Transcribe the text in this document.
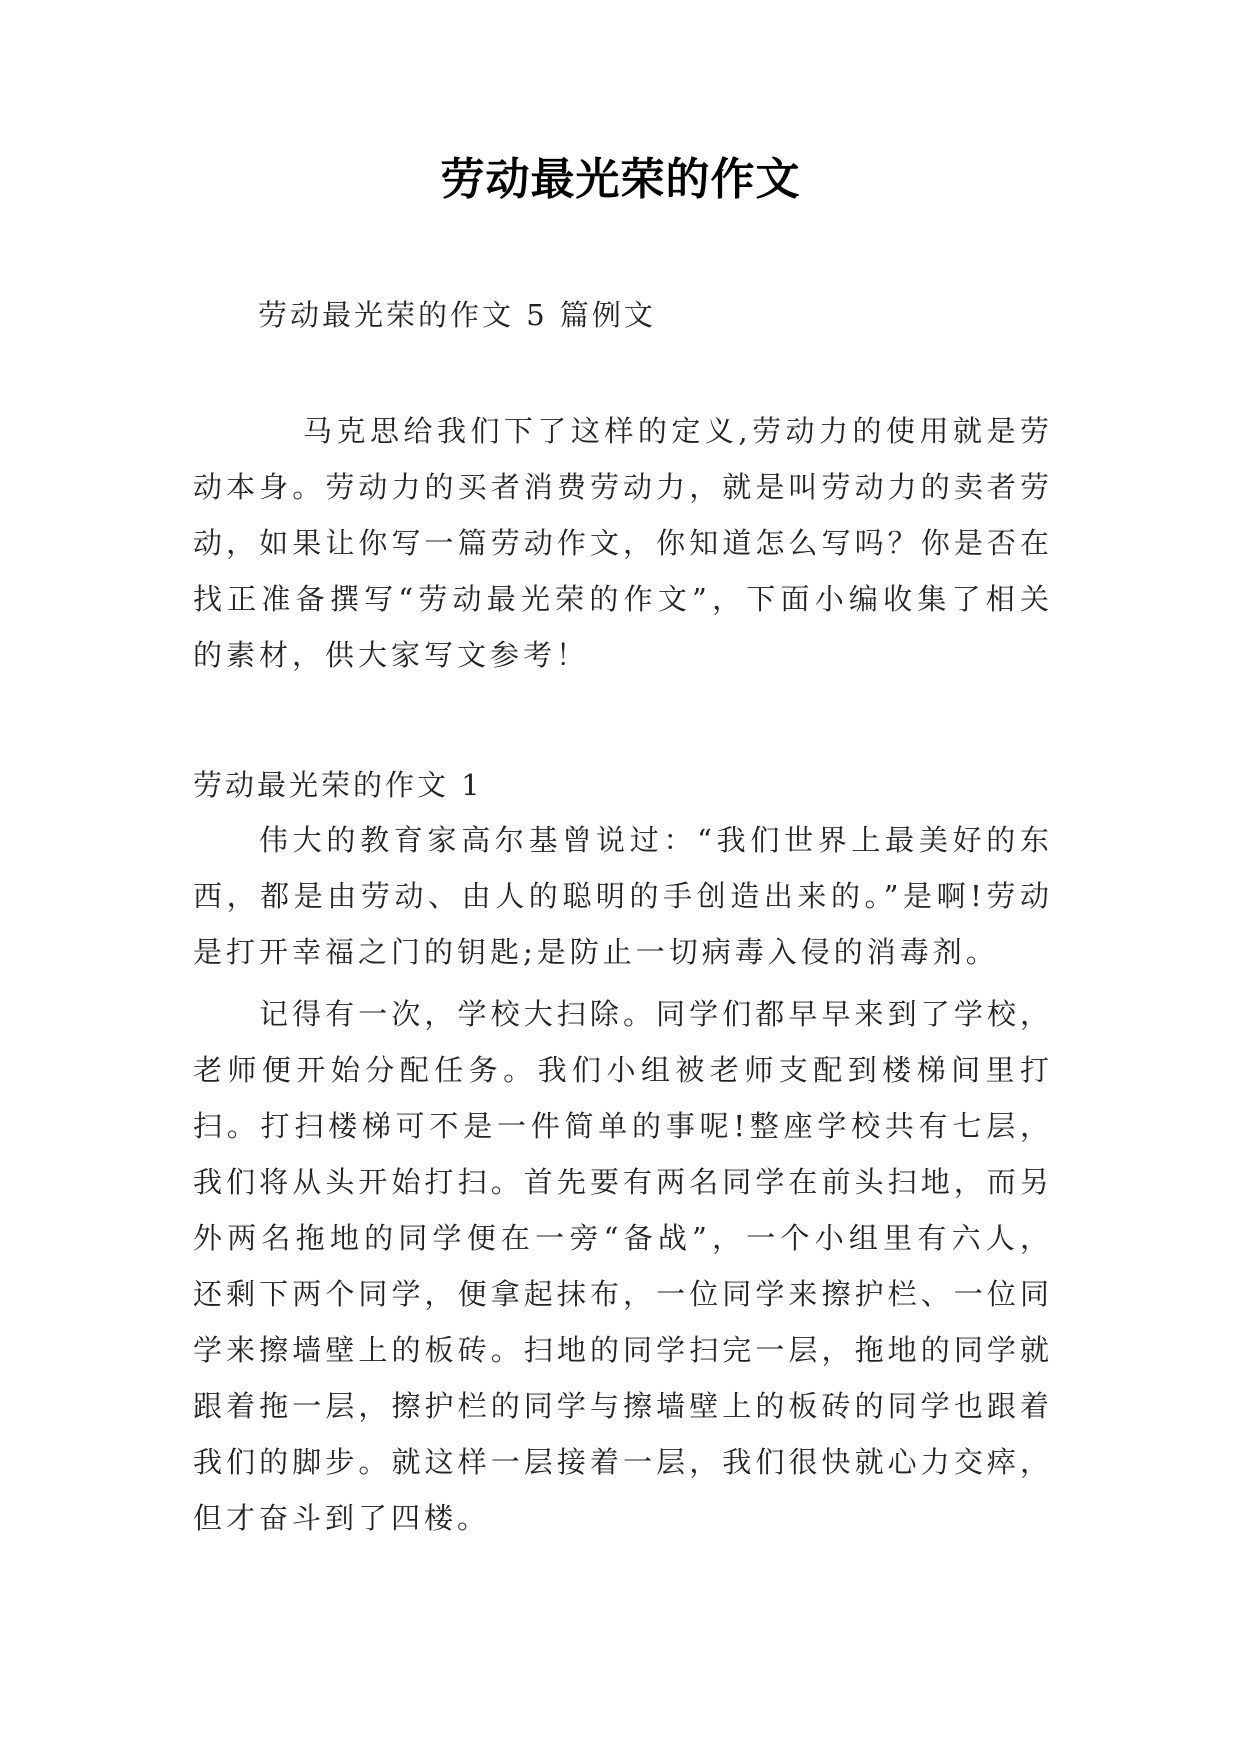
劳动最光荣的作文
劳动最光荣的作文 5 篇例文
马克思给我们下了这样的定义,劳动力的使用就是劳动本身。劳动力的买者消费劳动力，就是叫劳动力的卖者劳动，如果让你写一篇劳动作文，你知道怎么写吗？你是否在找正准备撰写“劳动最光荣的作文”，下面小编收集了相关的素材，供大家写文参考！
劳动最光荣的作文 1
伟大的教育家高尔基曾说过：“我们世界上最美好的东西，都是由劳动、由人的聪明的手创造出来的。”是啊!劳动是打开幸福之门的钥匙;是防止一切病毒入侵的消毒剂。
记得有一次，学校大扫除。同学们都早早来到了学校，老师便开始分配任务。我们小组被老师支配到楼梯间里打扫。打扫楼梯可不是一件简单的事呢!整座学校共有七层，我们将从头开始打扫。首先要有两名同学在前头扫地，而另外两名拖地的同学便在一旁“备战”，一个小组里有六人，还剩下两个同学，便拿起抹布，一位同学来擦护栏、一位同学来擦墙壁上的板砖。扫地的同学扫完一层，拖地的同学就跟着拖一层，擦护栏的同学与擦墙壁上的板砖的同学也跟着我们的脚步。就这样一层接着一层，我们很快就心力交瘁，但才奋斗到了四楼。
